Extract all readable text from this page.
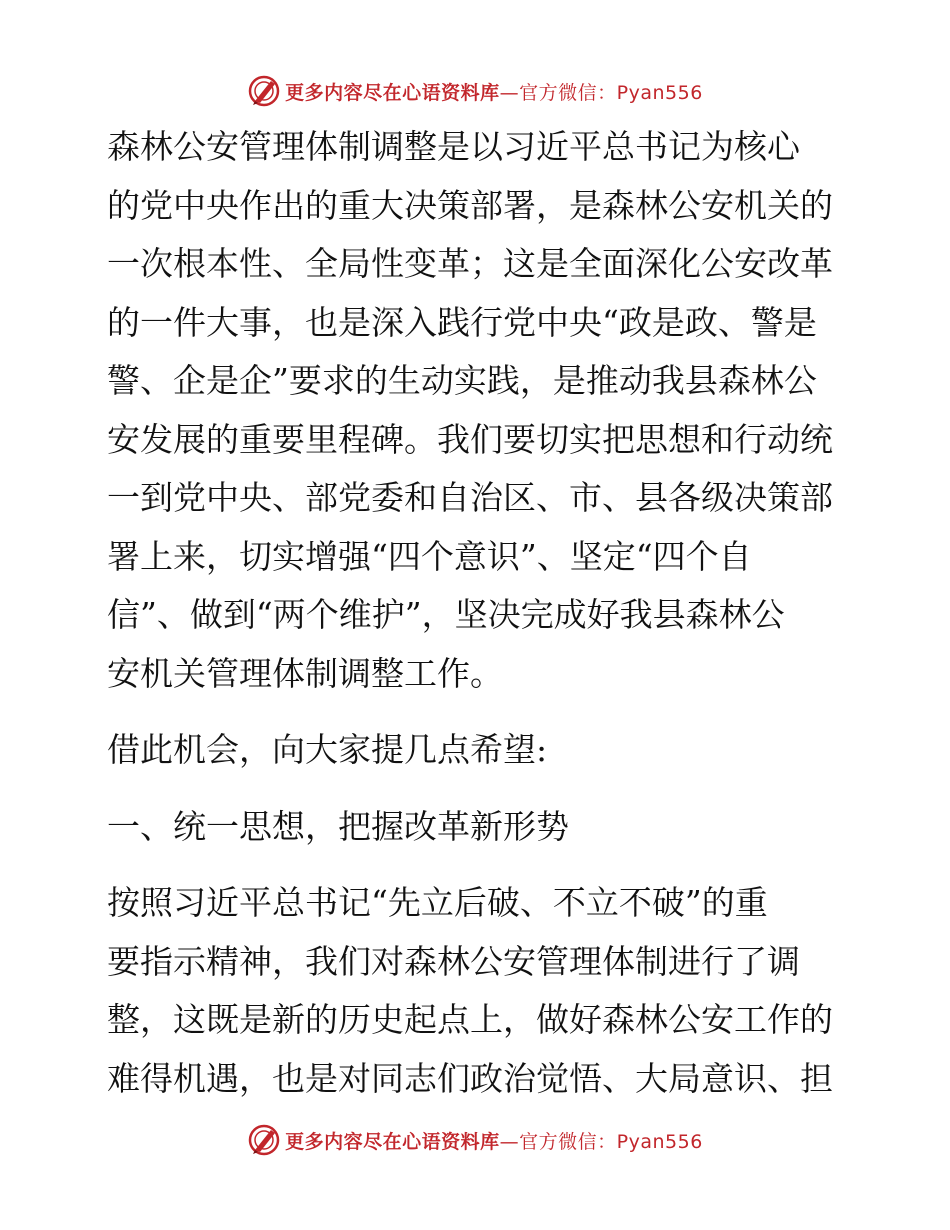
更多内容尽在心语资料库—官方微信：Pyan556
森林公安管理体制调整是以习近平总书记为核心
的党中央作出的重大决策部署，是森林公安机关的
一次根本性、全局性变革；这是全面深化公安改革
的一件大事，也是深入践行党中央“政是政、警是
警、企是企”要求的生动实践，是推动我县森林公
安发展的重要里程碑。我们要切实把思想和行动统
一到党中央、部党委和自治区、市、县各级决策部
署上来，切实增强“四个意识”、坚定“四个自
信”、做到“两个维护”，坚决完成好我县森林公
安机关管理体制调整工作。
借此机会，向大家提几点希望:
一、统一思想，把握改革新形势
按照习近平总书记“先立后破、不立不破”的重
要指示精神，我们对森林公安管理体制进行了调
整，这既是新的历史起点上，做好森林公安工作的
难得机遇，也是对同志们政治觉悟、大局意识、担
更多内容尽在心语资料库—官方微信：Pyan556
